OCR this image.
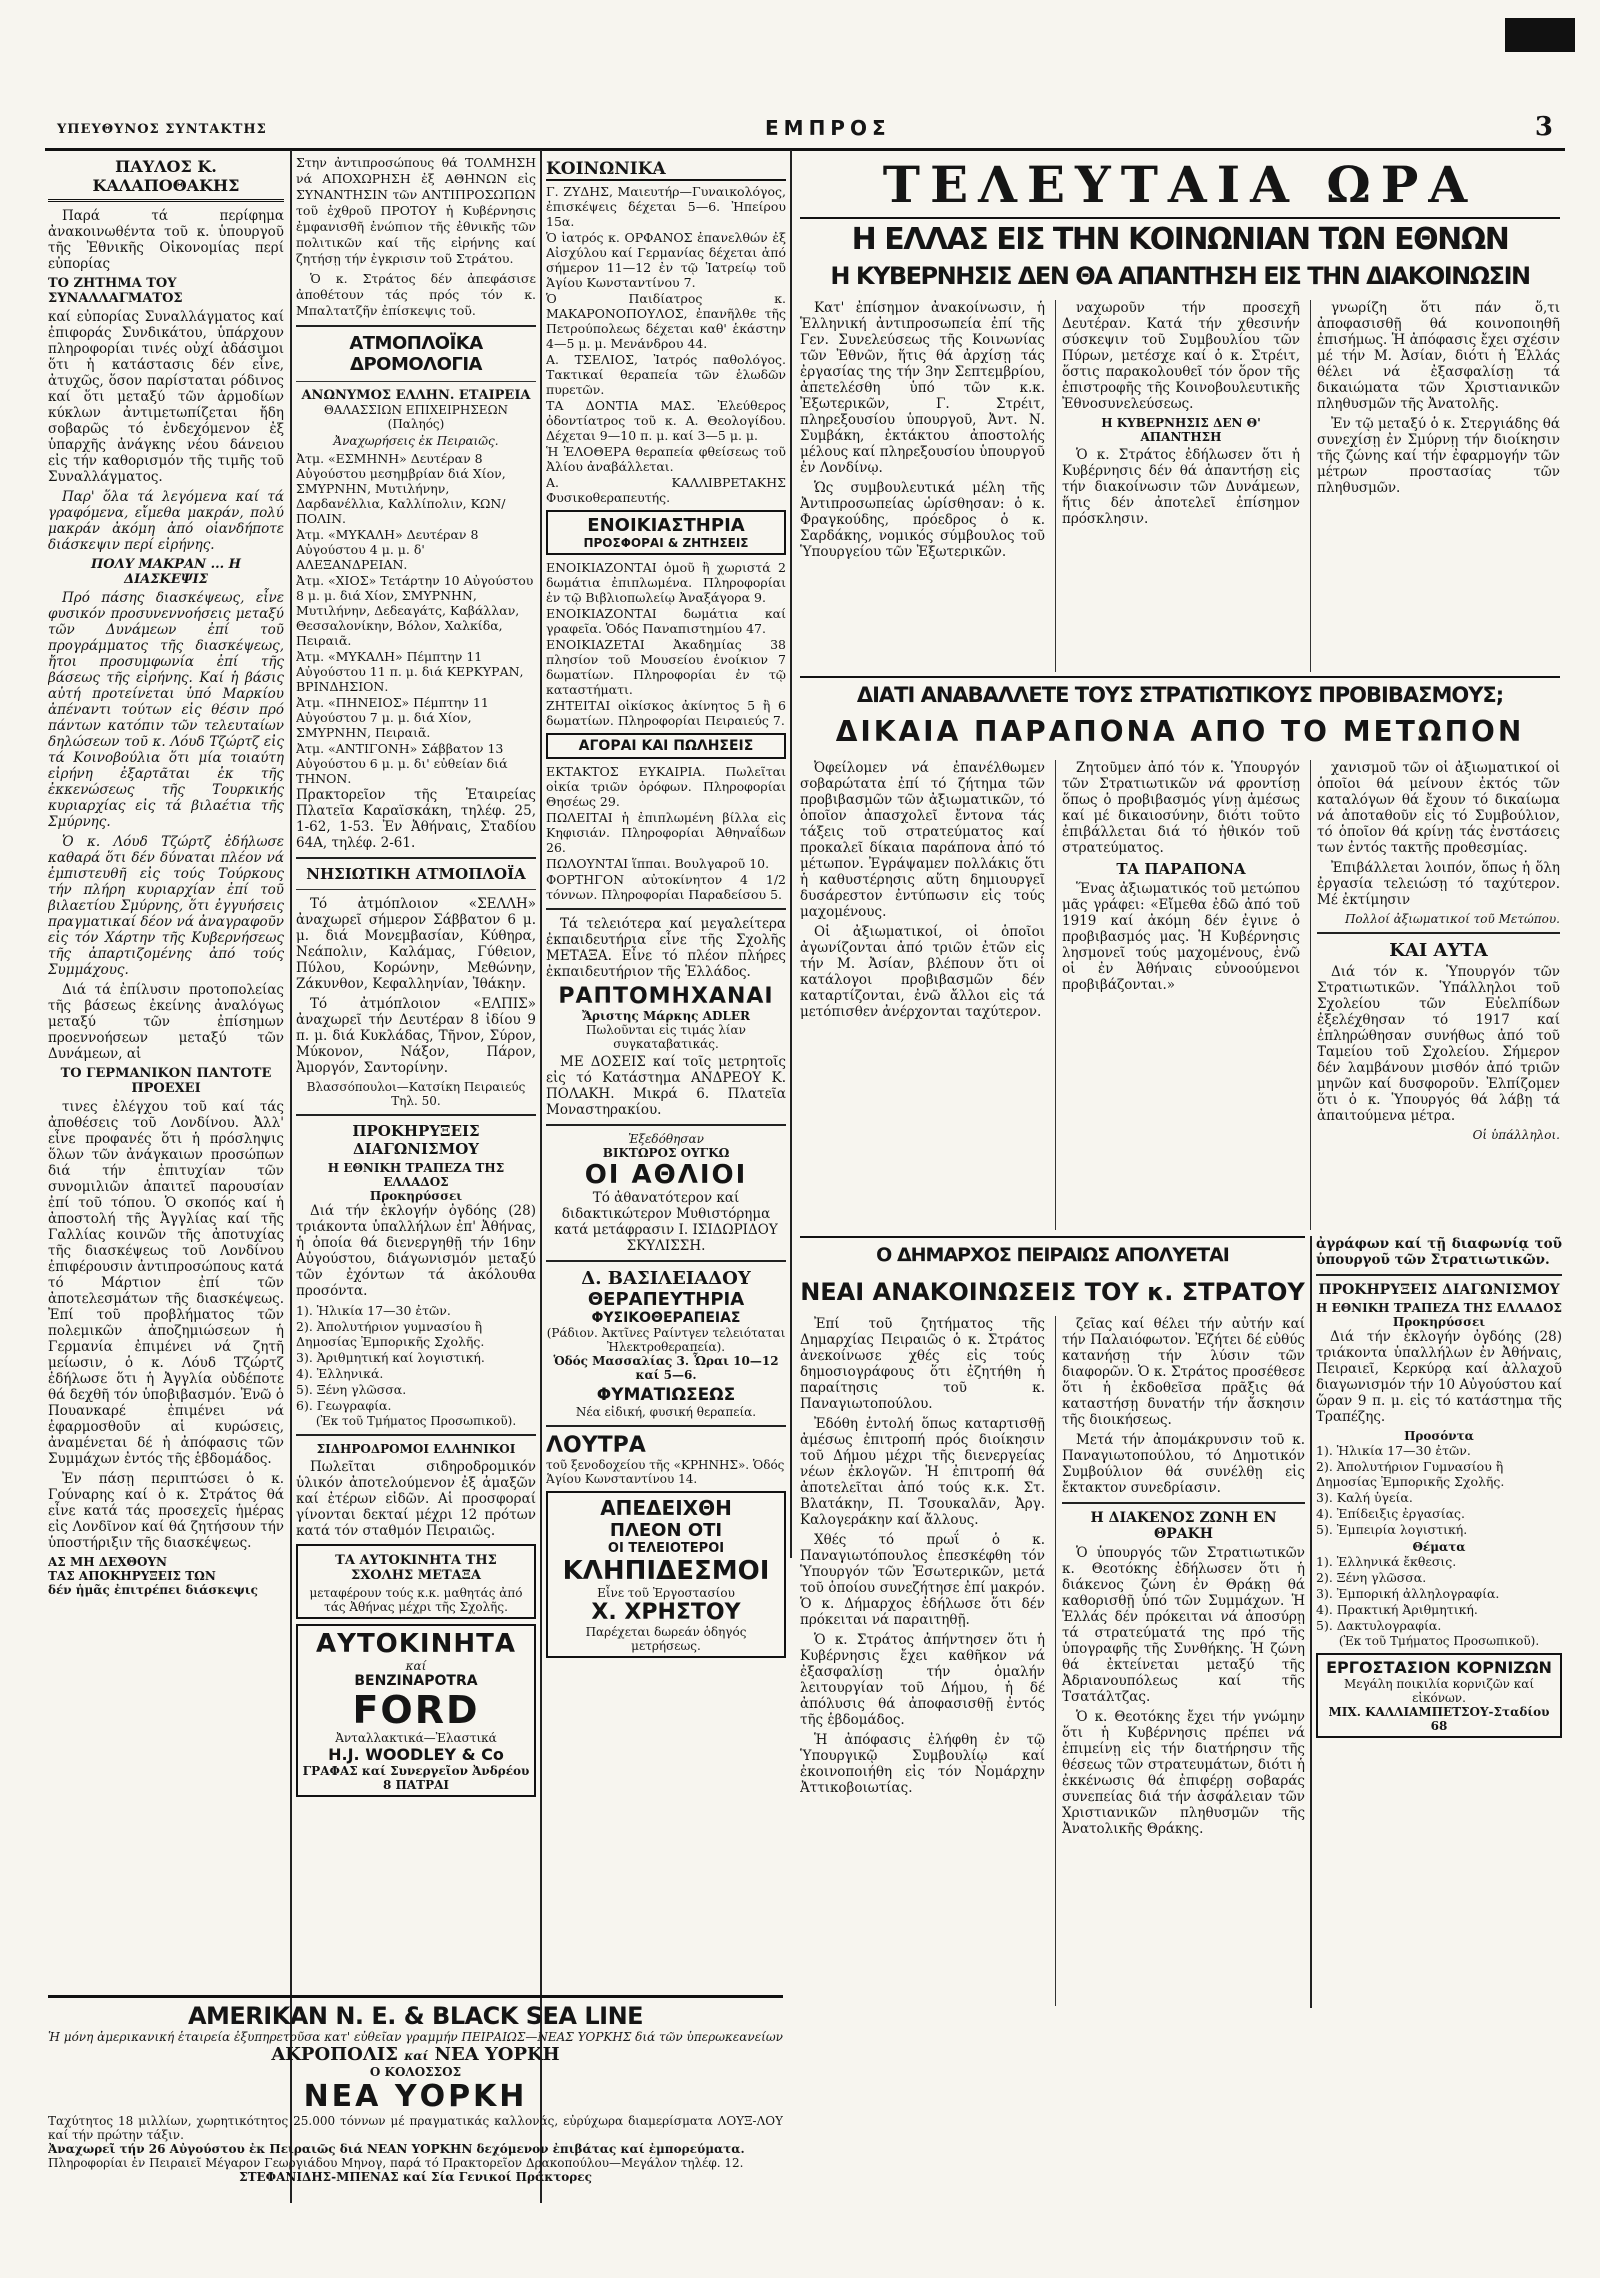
ΥΠΕΥΘΥΝΟΣ ΣΥΝΤΑΚΤΗΣ	ΕΜΠΡΟΣ	3
ΠΑΥΛΟΣ Κ. ΚΑΛΑΠΟΘΑΚΗΣ

Παρά τά περίφημα ἀνακοινωθέντα τοῦ κ. ὑπουργοῦ τῆς Ἐθνικῆς Οἰκονομίας περί εὐπορίας

ΤΟ ΖΗΤΗΜΑ ΤΟΥ ΣΥΝΑΛΛΑΓΜΑΤΟΣ

καί εὐπορίας Συναλλάγματος καί ἐπιφοράς Συνδικάτου, ὑπάρχουν πληροφορίαι τινές οὐχί ἀδάσιμοι ὅτι ἡ κατάστασις δέν εἶνε, ἀτυχῶς, ὅσον παρίσταται ρόδινος καί ὅτι μεταξύ τῶν ἁρμοδίων κύκλων ἀντιμετωπίζεται ἤδη σοβαρῶς τό ἐνδεχόμενον ἐξ ὑπαρχῆς ἀνάγκης νέου δάνειου εἰς τήν καθορισμόν τῆς τιμῆς τοῦ Συναλλάγματος.

Παρ' ὅλα τά λεγόμενα καί τά γραφόμενα, εἴμεθα μακράν, πολύ μακράν ἀκόμη ἀπό οἱανδήποτε διάσκεψιν περί εἰρήνης.

ΠΟΛΥ ΜΑΚΡΑΝ ... Η ΔΙΑΣΚΕΨΙΣ

Πρό πάσης διασκέψεως, εἶνε φυσικόν προσυνεννοήσεις μεταξύ τῶν Δυνάμεων ἐπί τοῦ προγράμματος τῆς διασκέψεως, ἤτοι προσυμφωνία ἐπί τῆς βάσεως τῆς εἰρήνης. Καί ἡ βάσις αὐτή προτείνεται ὑπό Μαρκίου ἀπέναντι τούτων εἰς θέσιν πρό πάντων κατόπιν τῶν τελευταίων δηλώσεων τοῦ κ. Λόυδ Τζώρτζ εἰς τά Κοινοβούλια ὅτι μία τοιαύτη εἰρήνη ἐξαρτᾶται ἐκ τῆς ἐκκενώσεως τῆς Τουρκικής κυριαρχίας εἰς τά βιλαέτια τῆς Σμύρνης.

Ὁ κ. Λόυδ Τζώρτζ ἐδήλωσε καθαρά ὅτι δέν δύναται πλέον νά ἐμπιστευθῆ εἰς τούς Τούρκους τήν πλήρη κυριαρχίαν ἐπί τοῦ βιλαετίου Σμύρνης, ὅτι ἐγγυήσεις πραγματικαί δέον νά ἀναγραφοῦν εἰς τόν Χάρτην τῆς Κυβερνήσεως τῆς ἀπαρτιζομένης ἀπό τούς Συμμάχους.

Διά τά ἐπίλυσιν προτοπολείας τῆς βάσεως ἐκείνης ἀναλόγως μεταξύ τῶν ἐπίσημων προεννοήσεων μεταξύ τῶν Δυνάμεων, αἱ

ΤΟ ΓΕΡΜΑΝΙΚΟΝ ΠΑΝΤΟΤΕ ΠΡΟΕΧΕΙ

τινες ἐλέγχου τοῦ καί τάς ἀποθέσεις τοῦ Λονδίνου. Ἀλλ' εἶνε προφανές ὅτι ἡ πρόσληψις ὅλων τῶν ἀνάγκαιων προσώπων διά τήν ἐπιτυχίαν τῶν συνομιλιῶν ἀπαιτεῖ παρουσίαν ἐπί τοῦ τόπου. Ὁ σκοπός καί ἡ ἀποστολή τῆς Ἀγγλίας καί τῆς Γαλλίας κοινῶν τῆς ἀποτυχίας τῆς διασκέψεως τοῦ Λονδίνου ἐπιφέρουσιν ἀντιπροσώπους κατά τό Μάρτιον ἐπί τῶν ἀποτελεσμάτων τῆς διασκέψεως. Ἐπί τοῦ προβλήματος τῶν πολεμικῶν ἀποζημιώσεων ἡ Γερμανία ἐπιμένει νά ζητῆ μείωσιν, ὁ κ. Λόυδ Τζώρτζ ἐδήλωσε ὅτι ἡ Ἀγγλία οὐδέποτε θά δεχθῆ τόν ὑποβιβασμόν. Ἐνῶ ὁ Πουανκαρέ ἐπιμένει νά ἐφαρμοσθοῦν αἱ κυρώσεις, ἀναμένεται δέ ἡ ἀπόφασις τῶν Συμμάχων ἐντός τῆς ἑβδομάδος.

Ἐν πάσῃ περιπτώσει ὁ κ. Γούναρης καί ὁ κ. Στράτος θά εἶνε κατά τάς προσεχεῖς ἡμέρας εἰς Λονδῖνον καί θά ζητήσουν τήν ὑποστήριξιν τῆς διασκέψεως.

ΑΣ ΜΗ ΔΕΧΘΟΥΝ
ΤΑΣ ΑΠΟΚΗΡΥΞΕΙΣ ΤΩΝ
δέν ἡμᾶς ἐπιτρέπει διάσκεψις

Στην ἀντιπροσώπους θά ΤΟΛΜΗΣΗ νά ΑΠΟΧΩΡΗΣΗ ἐξ ΑΘΗΝΩΝ εἰς ΣΥΝΑΝΤΗΣΙΝ τῶν ΑΝΤΙΠΡΟΣΩΠΩΝ τοῦ ἐχθροῦ ΠΡΟΤΟΥ ἡ Κυβέρνησις ἐμφανισθῆ ἐνώπιον τῆς ἐθνικῆς τῶν πολιτικῶν καί τῆς εἰρήνης καί ζητήσῃ τήν ἐγκρισιν τοῦ Στράτου.

Ὁ κ. Στράτος δέν ἀπεφάσισε ἀποθέτουν τάς πρός τόν κ. Μπαλτατζῆν ἐπίσκεψις τοῦ.

ΑΤΜΟΠΛΟΪΚΑ ΔΡΟΜΟΛΟΓΙΑ
ΑΝΩΝΥΜΟΣ ΕΛΛΗΝ. ΕΤΑΙΡΕΙΑ
ΘΑΛΑΣΣΙΩΝ ΕΠΙΧΕΙΡΗΣΕΩΝ (Παληός)
Ἀναχωρήσεις ἐκ Πειραιῶς.
Ἀτμ. «ΕΣΜΗΝΗ» Δευτέραν 8 Αὐγούστου μεσημβρίαν διά Χίον, ΣΜΥΡΝΗΝ, Μυτιλήνην, Δαρδανέλλια, Καλλίπολιν, ΚΩΝ/ΠΟΛΙΝ.
Ἀτμ. «ΜΥΚΑΛΗ» Δευτέραν 8 Αὐγούστου 4 μ. μ. δ' ΑΛΕΞΑΝΔΡΕΙΑΝ.
Ἀτμ. «ΧΙΟΣ» Τετάρτην 10 Αὐγούστου 8 μ. μ. διά Χίον, ΣΜΥΡΝΗΝ, Μυτιλήνην, Δεδεαγάτς, Καβάλλαν, Θεσσαλονίκην, Βόλον, Χαλκίδα, Πειραιᾶ.
Ἀτμ. «ΜΥΚΑΛΗ» Πέμπτην 11 Αὐγούστου 11 π. μ. διά ΚΕΡΚΥΡΑΝ, ΒΡΙΝΔΗΣΙΟΝ.
Ἀτμ. «ΠΗΝΕΙΟΣ» Πέμπτην 11 Αὐγούστου 7 μ. μ. διά Χίον, ΣΜΥΡΝΗΝ, Πειραιᾶ.
Ἀτμ. «ΑΝΤΙΓΟΝΗ» Σάββατον 13 Αὐγούστου 6 μ. μ. δι' εὐθείαν διά ΤΗΝΟΝ.

Πρακτορεῖον τῆς Ἑταιρείας Πλατεῖα Καραϊσκάκη, τηλέφ. 25, 1-62, 1-53. Ἐν Ἀθήναις, Σταδίου 64Α, τηλέφ. 2-61.

ΝΗΣΙΩΤΙΚΗ ΑΤΜΟΠΛΟΪΑ

Τό ἀτμόπλοιον «ΣΕΛΛΗ» ἀναχωρεῖ σήμερον Σάββατον 6 μ. μ. διά Μονεμβασίαν, Κύθηρα, Νεάπολιν, Καλάμας, Γύθειον, Πύλου, Κορώνην, Μεθώνην, Ζάκυνθον, Κεφαλληνίαν, Ἰθάκην.

Τό ἀτμόπλοιον «ΕΛΠΙΣ» ἀναχωρεῖ τήν Δευτέραν 8 ἰδίου 9 π. μ. διά Κυκλάδας, Τῆνον, Σύρον, Μύκονον, Νάξον, Πάρον, Ἀμοργόν, Σαντορίνην.

Βλασσόπουλοι—Κατσίκη Πειραιεύς Τηλ. 50.
ΠΡΟΚΗΡΥΞΕΙΣ ΔΙΑΓΩΝΙΣΜΟΥ
Η ΕΘΝΙΚΗ ΤΡΑΠΕΖΑ ΤΗΣ ΕΛΛΑΔΟΣ
Προκηρύσσει

Διά τήν ἐκλογήν ὀγδόης (28) τριάκοντα ὑπαλλήλων ἐπ' Ἀθήνας, ἡ ὁποία θά διενεργηθῇ τήν 16ην Αὐγούστου, διάγωνισμόν μεταξύ τῶν ἐχόντων τά ἀκόλουθα προσόντα.

1). Ἡλικία 17—30 ἐτῶν.
2). Ἀπολυτήριον γυμνασίου ἢ Δημοσίας Ἐμπορικῆς Σχολῆς.
3). Ἀριθμητική καί λογιστική.
4). Ἑλληνικά.
5). Ξένη γλῶσσα.
6). Γεωγραφία.
(Ἐκ τοῦ Τμήματος Προσωπικοῦ).
ΣΙΔΗΡΟΔΡΟΜΟΙ ΕΛΛΗΝΙΚΟΙ

Πωλεῖται σιδηροδρομικόν ὑλικόν ἀποτελούμενον ἐξ ἁμαξῶν καί ἐτέρων εἰδῶν. Αἱ προσφοραί γίνονται δεκταί μέχρι 12 πρότων κατά τόν σταθμόν Πειραιῶς.

ΤΑ ΑΥΤΟΚΙΝΗΤΑ ΤΗΣ ΣΧΟΛΗΣ ΜΕΤΑΞΑ
μεταφέρουν τούς κ.κ. μαθητάς ἀπό τάς Ἀθήνας μέχρι τῆς Σχολῆς.
ΑΥΤΟΚΙΝΗΤΑ
καί
BENZINAPOTRA
FORD
Ἀνταλλακτικά—Ἐλαστικά
H.J. WOODLEY & Co
ΓΡΑΦΑΣ καί Συνεργεῖον Ἀνδρέου 8 ΠΑΤΡΑΙ
ΚΟΙΝΩΝΙΚΑ
Γ. ΖΥΔΗΣ, Μαιευτήρ—Γυναικολόγος, ἐπισκέψεις δέχεται 5—6. Ἠπείρου 15α.
Ὁ ἰατρός κ. ΟΡΦΑΝΟΣ ἐπανελθών ἐξ Αἰσχύλου καί Γερμανίας δέχεται ἀπό σήμερον 11—12 ἐν τῷ Ἱατρείῳ τοῦ Ἁγίου Κωνσταντίνου 7.
Ὁ Παιδίατρος κ. ΜΑΚΑΡΟΝΟΠΟΥΛΟΣ, ἐπανῆλθε τῆς Πετρούπολεως δέχεται καθ' ἑκάστην 4—5 μ. μ. Μενάνδρου 44.
Α. ΤΣΕΛΙΟΣ, Ἰατρός παθολόγος. Τακτικαί θεραπεία τῶν ἑλωδῶν πυρετῶν.
ΤΑ ΔΟΝΤΙΑ ΜΑΣ. Ἐλεύθερος ὀδοντίατρος τοῦ κ. Α. Θεολογίδου. Δέχεται 9—10 π. μ. καί 3—5 μ. μ.
Ἡ ἙΛΟΘΕΡΑ θεραπεία φθείσεως τοῦ Ἀλίου ἀναβάλλεται.
Α. ΚΑΛΛΙΒΡΕΤΑΚΗΣ Φυσικοθεραπευτής.
ΕΝΟΙΚΙΑΣΤΗΡΙΑ
ΠΡΟΣΦΟΡΑΙ & ΖΗΤΗΣΕΙΣ
ΕΝΟΙΚΙΑΖΟΝΤΑΙ ὁμοῦ ἢ χωριστά 2 δωμάτια ἐπιπλωμένα. Πληροφορίαι ἐν τῷ Βιβλιοπωλείῳ Ἀναξάγορα 9.
ΕΝΟΙΚΙΑΖΟΝΤΑΙ δωμάτια καί γραφεῖα. Ὁδός Παναπιστημίου 47.
ΕΝΟΙΚΙΑΖΕΤΑΙ Ἀκαδημίας 38 πλησίον τοῦ Μουσείου ἑνοίκιον 7 δωματίων. Πληροφορίαι ἐν τῷ καταστήματι.
ΖΗΤΕΙΤΑΙ οἰκίσκος ἀκίνητος 5 ἢ 6 δωματίων. Πληροφορίαι Πειραιεύς 7.
ΑΓΟΡΑΙ ΚΑΙ ΠΩΛΗΣΕΙΣ
ΕΚΤΑΚΤΟΣ ΕΥΚΑΙΡΙΑ. Πωλεῖται οἰκία τριῶν ὀρόφων. Πληροφορίαι Θησέως 29.
ΠΩΛΕΙΤΑΙ ἡ ἐπιπλωμένη βίλλα εἰς Κηφισιάν. Πληροφορίαι Ἀθηναΐδων 26.
ΠΩΛΟΥΝΤΑΙ ἵππαι. Βουλγαροῦ 10.
ΦΟΡΤΗΓΟΝ αὐτοκίνητον 4 1/2 τόννων. Πληροφορίαι Παραδείσου 5.

Τά τελειότερα καί μεγαλείτερα ἐκπαιδευτήρια εἶνε τῆς Σχολῆς ΜΕΤΑΞΑ. Εἶνε τό πλέον πλήρες ἐκπαιδευτήριον τῆς Ἑλλάδος.

ΡΑΠΤΟΜΗΧΑΝΑΙ
Ἄριστης Μάρκης ADLER
Πωλοῦνται εἰς τιμάς λίαν συγκαταβατικάς.

ΜΕ ΔΟΣΕΙΣ καί τοῖς μετρητοῖς εἰς τό Κατάστημα ΑΝΔΡΕΟΥ Κ. ΠΟΛΑΚΗ. Μικρά 6. Πλατεῖα Μοναστηρακίου.

Ἐξεδόθησαν
ΒΙΚΤΩΡΟΣ ΟΥΓΚΩ
ΟΙ ΑΘΛΙΟΙ

Τό ἀθανατότερον καί διδακτικώτερον Μυθιστόρημα κατά μετάφρασιν Ι. ΙΣΙΔΩΡΙΔΟΥ ΣΚΥΛΙΣΣΗ.

Δ. ΒΑΣΙΛΕΙΑΔΟΥ
ΘΕΡΑΠΕΥΤΗΡΙΑ
ΦΥΣΙΚΟΘΕΡΑΠΕΙΑΣ
(Ράδιον. Ἀκτῖνες Ραίντγεν τελειόταται Ἠλεκτροθεραπεία).
Ὁδός Μασσαλίας 3. Ὧραι 10—12 καί 5—6.
ΦΥΜΑΤΙΩΣΕΩΣ
Νέα εἰδική, φυσική θεραπεία.
ΛΟΥΤΡΑ
τοῦ ξενοδοχείου τῆς «ΚΡΗΝΗΣ». Ὁδός Ἁγίου Κωνσταντίνου 14.
ΑΠΕΔΕΙΧΘΗ
ΠΛΕΟΝ ΟΤΙ
ΟΙ ΤΕΛΕΙΟΤΕΡΟΙ
ΚΛΗΠΙΔΕΣΜΟΙ
Εἶνε τοῦ Ἐργοστασίου
Χ. ΧΡΗΣΤΟΥ
Παρέχεται δωρεάν ὁδηγός μετρήσεως.
ΤΕΛΕΥΤΑΙΑ ΩΡΑ
Η ΕΛΛΑΣ ΕΙΣ ΤΗΝ ΚΟΙΝΩΝΙΑΝ ΤΩΝ ΕΘΝΩΝ
Η ΚΥΒΕΡΝΗΣΙΣ ΔΕΝ ΘΑ ΑΠΑΝΤΗΣΗ ΕΙΣ ΤΗΝ ΔΙΑΚΟΙΝΩΣΙΝ

Κατ' ἐπίσημον ἀνακοίνωσιν, ἡ Ἑλληνική ἀντιπροσωπεία ἐπί τῆς Γεν. Συνελεύσεως τῆς Κοινωνίας τῶν Ἐθνῶν, ἥτις θά ἀρχίσῃ τάς ἐργασίας της τήν 3ην Σεπτεμβρίου, ἀπετελέσθη ὑπό τῶν κ.κ. Ἐξωτερικῶν, Γ. Στρέιτ, πληρεξουσίου ὑπουργοῦ, Ἀντ. Ν. Συμβάκη, ἐκτάκτου ἀποστολής μέλους καί πληρεξουσίου ὑπουργοῦ ἐν Λονδίνῳ.

Ὡς συμβουλευτικά μέλη τῆς Ἀντιπροσωπείας ὡρίσθησαν: ὁ κ. Φραγκούδης, πρόεδρος ὁ κ. Σαρδάκης, νομικός σύμβουλος τοῦ Ὑπουργείου τῶν Ἐξωτερικῶν.

ναχωροῦν τήν προσεχῆ Δευτέραν. Κατά τήν χθεσινήν σύσκεψιν τοῦ Συμβουλίου τῶν Πύρων, μετέσχε καί ὁ κ. Στρέιτ, ὅστις παρακολουθεῖ τόν ὅρον τῆς ἐπιστροφῆς τῆς Κοινοβουλευτικῆς Ἐθνοσυνελεύσεως.

Η ΚΥΒΕΡΝΗΣΙΣ ΔΕΝ Θ' ΑΠΑΝΤΗΣΗ

Ὁ κ. Στράτος ἐδήλωσεν ὅτι ἡ Κυβέρνησις δέν θά ἀπαντήσῃ εἰς τήν διακοίνωσιν τῶν Δυνάμεων, ἥτις δέν ἀποτελεῖ ἐπίσημον πρόσκλησιν.

γνωρίζη ὅτι πάν ὅ,τι ἀποφασισθῇ θά κοινοποιηθῆ ἐπισήμως. Ἡ ἀπόφασις ἔχει σχέσιν μέ τήν Μ. Ἀσίαν, διότι ἡ Ἑλλάς θέλει νά ἐξασφαλίσῃ τά δικαιώματα τῶν Χριστιανικῶν πληθυσμῶν τῆς Ἀνατολῆς.

Ἐν τῷ μεταξύ ὁ κ. Στεργιάδης θά συνεχίσῃ ἐν Σμύρνῃ τήν διοίκησιν τῆς ζώνης καί τήν ἐφαρμογήν τῶν μέτρων προστασίας τῶν πληθυσμῶν.

ΔΙΑΤΙ ΑΝΑΒΑΛΛΕΤΕ ΤΟΥΣ ΣΤΡΑΤΙΩΤΙΚΟΥΣ ΠΡΟΒΙΒΑΣΜΟΥΣ;
ΔΙΚΑΙΑ ΠΑΡΑΠΟΝΑ ΑΠΟ ΤΟ ΜΕΤΩΠΟΝ

Ὀφείλομεν νά ἐπανέλθωμεν σοβαρώτατα ἐπί τό ζήτημα τῶν προβιβασμῶν τῶν ἀξιωματικῶν, τό ὁποῖον ἀπασχολεῖ ἔντονα τάς τάξεις τοῦ στρατεύματος καί προκαλεῖ δίκαια παράπονα ἀπό τό μέτωπον. Ἐγράψαμεν πολλάκις ὅτι ἡ καθυστέρησις αὕτη δημιουργεῖ δυσάρεστον ἐντύπωσιν εἰς τούς μαχομένους.

Οἱ ἀξιωματικοί, οἱ ὁποῖοι ἀγωνίζονται ἀπό τριῶν ἐτῶν εἰς τήν Μ. Ἀσίαν, βλέπουν ὅτι οἱ κατάλογοι προβιβασμῶν δέν καταρτίζονται, ἐνῶ ἄλλοι εἰς τά μετόπισθεν ἀνέρχονται ταχύτερον.

Ζητοῦμεν ἀπό τόν κ. Ὑπουργόν τῶν Στρατιωτικῶν νά φροντίσῃ ὅπως ὁ προβιβασμός γίνῃ ἀμέσως καί μέ δικαιοσύνην, διότι τοῦτο ἐπιβάλλεται διά τό ἠθικόν τοῦ στρατεύματος.

ΤΑ ΠΑΡΑΠΟΝΑ

Ἕνας ἀξιωματικός τοῦ μετώπου μᾶς γράφει: «Εἴμεθα ἐδῶ ἀπό τοῦ 1919 καί ἀκόμη δέν ἐγινε ὁ προβιβασμός μας. Ἡ Κυβέρνησις λησμονεῖ τούς μαχομένους, ἐνῶ οἱ ἐν Ἀθήναις εὐνοούμενοι προβιβάζονται.»

χανισμοῦ τῶν οἱ ἀξιωματικοί οἱ ὁποῖοι θά μείνουν ἐκτός τῶν καταλόγων θά ἔχουν τό δικαίωμα νά ἀποταθοῦν εἰς τό Συμβούλιον, τό ὁποῖον θά κρίνῃ τάς ἐνστάσεις των ἐντός τακτῆς προθεσμίας.

Ἐπιβάλλεται λοιπόν, ὅπως ἡ ὅλη ἐργασία τελειώσῃ τό ταχύτερον. Μέ ἐκτίμησιν

Πολλοί ἀξιωματικοί τοῦ Μετώπου.
ΚΑΙ ΑΥΤΑ

Διά τόν κ. Ὑπουργόν τῶν Στρατιωτικῶν. Ὑπάλληλοι τοῦ Σχολείου τῶν Εὐελπίδων ἐξελέχθησαν τό 1917 καί ἐπληρώθησαν συνήθως ἀπό τοῦ Ταμείου τοῦ Σχολείου. Σήμερον δέν λαμβάνουν μισθόν ἀπό τριῶν μηνῶν καί δυσφοροῦν. Ἐλπίζομεν ὅτι ὁ κ. Ὑπουργός θά λάβῃ τά ἀπαιτούμενα μέτρα.

Οἱ ὑπάλληλοι.
Ο ΔΗΜΑΡΧΟΣ ΠΕΙΡΑΙΩΣ ΑΠΟΛΥΕΤΑΙ
ΝΕΑΙ ΑΝΑΚΟΙΝΩΣΕΙΣ ΤΟΥ κ. ΣΤΡΑΤΟΥ

Ἐπί τοῦ ζητήματος τῆς Δημαρχίας Πειραιῶς ὁ κ. Στράτος ἀνεκοίνωσε χθές εἰς τούς δημοσιογράφους ὅτι ἐζητήθη ἡ παραίτησις τοῦ κ. Παναγιωτοπούλου.

Ἐδόθη ἐντολή ὅπως καταρτισθῇ ἀμέσως ἐπιτροπή πρός διοίκησιν τοῦ Δήμου μέχρι τῆς διενεργείας νέων ἐκλογῶν. Ἡ ἐπιτροπή θά ἀποτελεῖται ἀπό τούς κ.κ. Στ. Βλατάκην, Π. Τσουκαλᾶν, Ἀργ. Καλογεράκην καί ἄλλους.

Χθές τό πρωΐ ὁ κ. Παναγιωτόπουλος ἐπεσκέφθη τόν Ὑπουργόν τῶν Ἐσωτερικῶν, μετά τοῦ ὁποίου συνεζήτησε ἐπί μακρόν. Ὁ κ. Δήμαρχος ἐδήλωσε ὅτι δέν πρόκειται νά παραιτηθῇ.

Ὁ κ. Στράτος ἀπήντησεν ὅτι ἡ Κυβέρνησις ἔχει καθῆκον νά ἐξασφαλίσῃ τήν ὁμαλήν λειτουργίαν τοῦ Δήμου, ἡ δέ ἀπόλυσις θά ἀποφασισθῇ ἐντός τῆς ἑβδομάδος.

Ἡ ἀπόφασις ἐλήφθη ἐν τῷ Ὑπουργικῷ Συμβουλίῳ καί ἐκοινοποιήθη εἰς τόν Νομάρχην Ἀττικοβοιωτίας.

ζεῖας καί θέλει τήν αὐτήν καί τήν Παλαιόφωτον. Ἐζήτει δέ εὐθύς κατανήσῃ τήν λύσιν τῶν διαφορῶν. Ὁ κ. Στράτος προσέθεσε ὅτι ἡ ἐκδοθεῖσα πρᾶξις θά καταστήσῃ δυνατήν τήν ἄσκησιν τῆς διοικήσεως.

Μετά τήν ἀπομάκρυνσιν τοῦ κ. Παναγιωτοπούλου, τό Δημοτικόν Συμβούλιον θά συνέλθῃ εἰς ἔκτακτον συνεδρίασιν.

Η ΔΙΑΚΕΝΟΣ ΖΩΝΗ ΕΝ ΘΡΑΚΗ

Ὁ ὑπουργός τῶν Στρατιωτικῶν κ. Θεοτόκης ἐδήλωσεν ὅτι ἡ διάκενος ζώνη ἐν Θράκῃ θά καθορισθῇ ὑπό τῶν Συμμάχων. Ἡ Ἑλλάς δέν πρόκειται νά ἀποσύρῃ τά στρατεύματά της πρό τῆς ὑπογραφῆς τῆς Συνθήκης. Ἡ ζώνη θά ἐκτείνεται μεταξύ τῆς Ἀδριανουπόλεως καί τῆς Τσατάλτζας.

Ὁ κ. Θεοτόκης ἔχει τήν γνώμην ὅτι ἡ Κυβέρνησις πρέπει νά ἐπιμείνῃ εἰς τήν διατήρησιν τῆς θέσεως τῶν στρατευμάτων, διότι ἡ ἐκκένωσις θά ἐπιφέρῃ σοβαράς συνεπείας διά τήν ἀσφάλειαν τῶν Χριστιανικῶν πληθυσμῶν τῆς Ἀνατολικῆς Θράκης.

ἀγράφων καί τῇ διαφωνίᾳ τοῦ ὑπουργοῦ τῶν Στρατιωτικῶν.

ΠΡΟΚΗΡΥΞΕΙΣ ΔΙΑΓΩΝΙΣΜΟΥ
Η ΕΘΝΙΚΗ ΤΡΑΠΕΖΑ ΤΗΣ ΕΛΛΑΔΟΣ
Προκηρύσσει

Διά τήν ἐκλογήν ὀγδόης (28) τριάκοντα ὑπαλλήλων ἐν Ἀθήναις, Πειραιεῖ, Κερκύρᾳ καί ἀλλαχοῦ διαγωνισμόν τήν 10 Αὐγούστου καί ὥραν 9 π. μ. εἰς τό κατάστημα τῆς Τραπέζης.

Προσόντα
1). Ἡλικία 17—30 ἐτῶν.
2). Ἀπολυτήριον Γυμνασίου ἢ Δημοσίας Ἐμπορικῆς Σχολῆς.
3). Καλή ὑγεία.
4). Ἐπίδειξις ἐργασίας.
5). Ἐμπειρία λογιστική.
Θέματα
1). Ἑλληνικά ἔκθεσις.
2). Ξένη γλῶσσα.
3). Ἐμπορική ἀλληλογραφία.
4). Πρακτική Ἀριθμητική.
5). Δακτυλογραφία.
(Ἐκ τοῦ Τμήματος Προσωπικοῦ).
ΕΡΓΟΣΤΑΣΙΟΝ ΚΟΡΝΙΖΩΝ
Μεγάλη ποικιλία κορνιζῶν καί εἰκόνων.
ΜΙΧ. ΚΑΛΛΙΑΜΠΕΤΣΟΥ-Σταδίου 68
AMERIKAN N. E. & BLACK SEA LINE
Ἡ μόνη ἀμερικανική ἑταιρεία ἐξυπηρετοῦσα κατ' εὐθεῖαν γραμμήν ΠΕΙΡΑΙΩΣ—ΝΕΑΣ ΥΟΡΚΗΣ διά τῶν ὑπερωκεανείων
ΑΚΡΟΠΟΛΙΣ καί ΝΕΑ ΥΟΡΚΗ
Ο ΚΟΛΟΣΣΟΣ
ΝΕΑ ΥΟΡΚΗ
Ταχύτητος 18 μιλλίων, χωρητικότητος 25.000 τόννων μέ πραγματικάς καλλονάς, εὐρύχωρα διαμερίσματα ΛΟΥΞ-ΛΟΥ καί τήν πρώτην τάξιν.
Ἀναχωρεῖ τήν 26 Αὐγούστου ἐκ Πειραιῶς διά ΝΕΑΝ ΥΟΡΚΗΝ δεχόμενον ἐπιβάτας καί ἐμπορεύματα.
Πληροφορίαι ἐν Πειραιεῖ Μέγαρον Γεωργιάδου Μηνογ, παρά τό Πρακτορεῖον Δρακοπούλου—Μεγάλον τηλέφ. 12.
ΣΤΕΦΑΝΙΔΗΣ-ΜΠΕΝΑΣ καί Σία Γενικοί Πράκτορες
